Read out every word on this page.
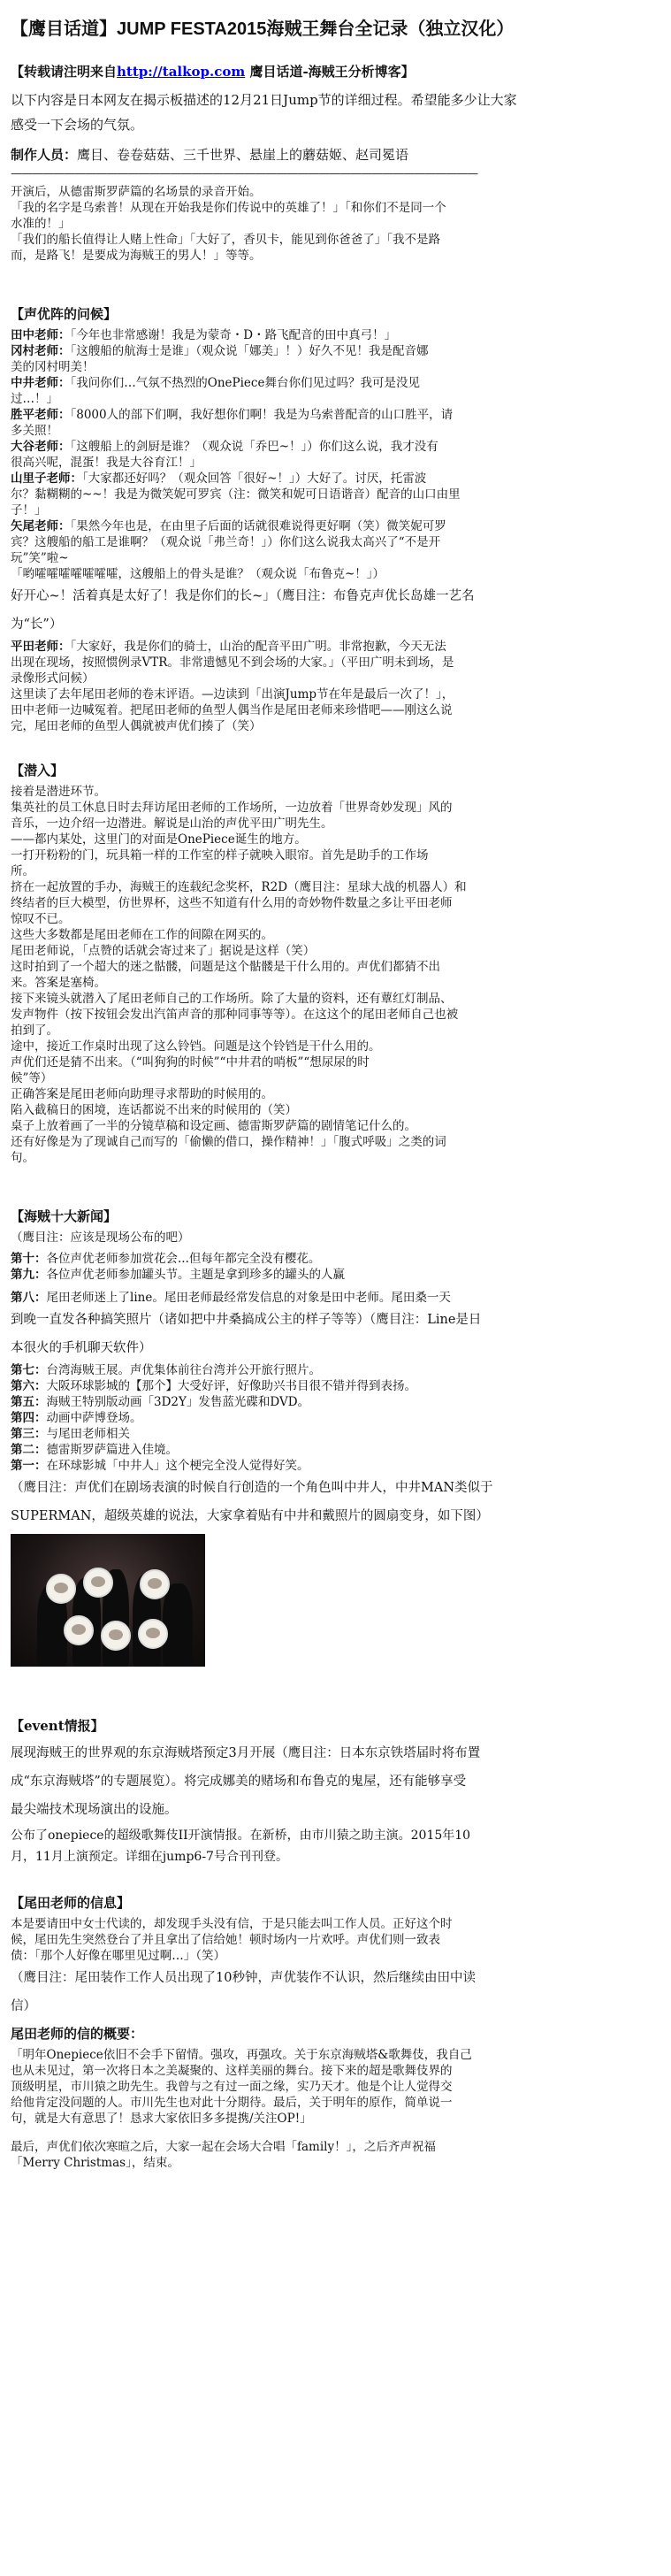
【鹰目话道】JUMP FESTA2015海贼王舞台全记录（独立汉化）
【转载请注明来自http://talkop.com 鹰目话道-海贼王分析博客】
以下内容是日本网友在揭示板描述的12月21日Jump节的详细过程。希望能多少让大家
感受一下会场的气氛。
制作人员：鹰目、卷卷菇菇、三千世界、悬崖上的蘑菇姬、赵司冕语
————————————————————————————————————————————

开演后，从德雷斯罗萨篇的名场景的录音开始。

「我的名字是乌索普！从现在开始我是你们传说中的英雄了！」「和你们不是同一个

水准的！」

「我们的船长值得让人赌上性命」「大好了，香贝卡，能见到你爸爸了」「我不是路

而，是路飞！是要成为海贼王的男人！」等等。

【声优阵的问候】

田中老师：「今年也非常感谢！我是为蒙奇・D・路飞配音的田中真弓！」

冈村老师：「这艘船的航海士是谁」（观众说「娜美」！）好久不见！我是配音娜

美的冈村明美！

中井老师：「我问你们…气氛不热烈的OnePiece舞台你们见过吗？我可是没见

过…！」

胜平老师：「8000人的部下们啊，我好想你们啊！我是为乌索普配音的山口胜平，请

多关照！

大谷老师：「这艘船上的剑厨是谁？（观众说「乔巴~！」）你们这么说，我才没有

很高兴呢，混蛋！我是大谷育江！」

山里子老师：「大家都还好吗？（观众回答「很好~！」）大好了。讨厌，托雷波

尔？黏糊糊的~~！我是为微笑妮可罗宾（注：微笑和妮可日语谐音）配音的山口由里

子！」

矢尾老师：「果然今年也是，在由里子后面的话就很难说得更好啊（笑）微笑妮可罗

宾？这艘船的船工是谁啊？（观众说「弗兰奇！」）你们这么说我太高兴了“不是开

玩”笑”啦~

「哟嚯嚯嚯嚯嚯嚯嚯，这艘船上的骨头是谁？（观众说「布鲁克~！」）

好开心~！活着真是太好了！我是你们的长~」（鹰目注：布鲁克声优长岛雄一艺名

为“长”）

平田老师：「大家好，我是你们的骑士，山治的配音平田广明。非常抱歉，今天无法

出现在现场，按照惯例录VTR。非常遗憾见不到会场的大家。」（平田广明未到场，是

录像形式问候）

这里读了去年尾田老师的卷末评语。—边读到「出演Jump节在年是最后一次了！」，

田中老师一边喊冤着。把尾田老师的鱼型人偶当作是尾田老师来珍惜吧——刚这么说

完，尾田老师的鱼型人偶就被声优们揍了（笑）

【潜入】

接着是潜进环节。

集英社的员工休息日时去拜访尾田老师的工作场所，一边放着「世界奇妙发现」风的

音乐，一边介绍一边潜进。解说是山治的声优平田广明先生。

——都内某处，这里门的对面是OnePiece诞生的地方。

一打开粉粉的门，玩具箱一样的工作室的样子就映入眼帘。首先是助手的工作场

所。

挤在一起放置的手办，海贼王的连载纪念奖杯，R2D（鹰目注：星球大战的机器人）和

终结者的巨大模型，仿世界杯，这些不知道有什么用的奇妙物件数量之多让平田老师

惊叹不已。

这些大多数都是尾田老师在工作的间隙在网买的。

尾田老师说，「点赞的话就会寄过来了」据说是这样（笑）

这时拍到了一个超大的迷之骷髅，问题是这个骷髅是干什么用的。声优们都猜不出

来。答案是塞椅。

接下来镜头就潜入了尾田老师自己的工作场所。除了大量的资料，还有蕈红灯制品、

发声物件（按下按钮会发出汽笛声音的那种同事等等）。在这这个的尾田老师自己也被

拍到了。

途中，接近工作桌时出现了这么铃铛。问题是这个铃铛是干什么用的。

声优们还是猜不出来。（“叫狗狗的时候”“中井君的哨板”“想尿尿的时

候”等）

正确答案是尾田老师向助理寻求帮助的时候用的。

陷入截稿日的困境，连话都说不出来的时候用的（笑）

桌子上放着画了一半的分镜草稿和设定画、德雷斯罗萨篇的剧情笔记什么的。

还有好像是为了现诚自己而写的「偷懒的借口，操作精神！」「腹式呼吸」之类的词

句。

【海贼十大新闻】

（鹰目注：应该是现场公布的吧）

第十：各位声优老师参加赏花会...但每年都完全没有樱花。

第九：各位声优老师参加罐头节。主题是拿到珍多的罐头的人赢

第八：尾田老师迷上了line。尾田老师最经常发信息的对象是田中老师。尾田桑一天

到晚一直发各种搞笑照片（诸如把中井桑搞成公主的样子等等）（鹰目注：Line是日

本很火的手机聊天软件）

第七：台湾海贼王展。声优集体前往台湾并公开旅行照片。

第六：大阪环球影城的【那个】大受好评，好像助兴书目很不错并得到表扬。

第五：海贼王特别版动画「3D2Y」发售蓝光碟和DVD。

第四：动画中萨博登场。

第三：与尾田老师相关

第二：德雷斯罗萨篇进入佳境。

第一：在环球影城「中井人」这个梗完全没人觉得好笑。

（鹰目注：声优们在剧场表演的时候自行创造的一个角色叫中井人，中井MAN类似于

SUPERMAN，超级英雄的说法，大家拿着贴有中井和戴照片的圆扇变身，如下图）

【event情报】

展现海贼王的世界观的东京海贼塔预定3月开展（鹰目注：日本东京铁塔届时将布置

成“东京海贼塔”的专题展览）。将完成娜美的赌场和布鲁克的鬼屋，还有能够享受

最尖端技术现场演出的设施。

公布了onepiece的超级歌舞伎II开演情报。在新桥，由市川猿之助主演。2015年10

月，11月上演预定。详细在jump6-7号合刊刊登。

【尾田老师的信息】

本是要请田中女士代读的，却发现手头没有信，于是只能去叫工作人员。正好这个时

候，尾田先生突然登台了并且拿出了信给她！顿时场内一片欢呼。声优们则一致表

债：「那个人好像在哪里见过啊…」（笑）

（鹰目注：尾田装作工作人员出现了10秒钟，声优装作不认识，然后继续由田中读

信）

尾田老师的信的概要：

「明年Onepiece依旧不会手下留情。强攻，再强攻。关于东京海贼塔&歌舞伎，我自己

也从未见过，第一次将日本之美凝聚的、这样美丽的舞台。接下来的超是歌舞伎界的

顶级明星，市川猿之助先生。我曾与之有过一面之缘，实乃天才。他是个让人觉得交

给他肯定没问题的人。市川先生也对此十分期待。最后，关于明年的原作，简单说一

句，就是大有意思了！恳求大家依旧多多提携/关注OP!」

最后，声优们依次寒暄之后，大家一起在会场大合唱「family！」，之后齐声祝福

「Merry Christmas」，结束。
